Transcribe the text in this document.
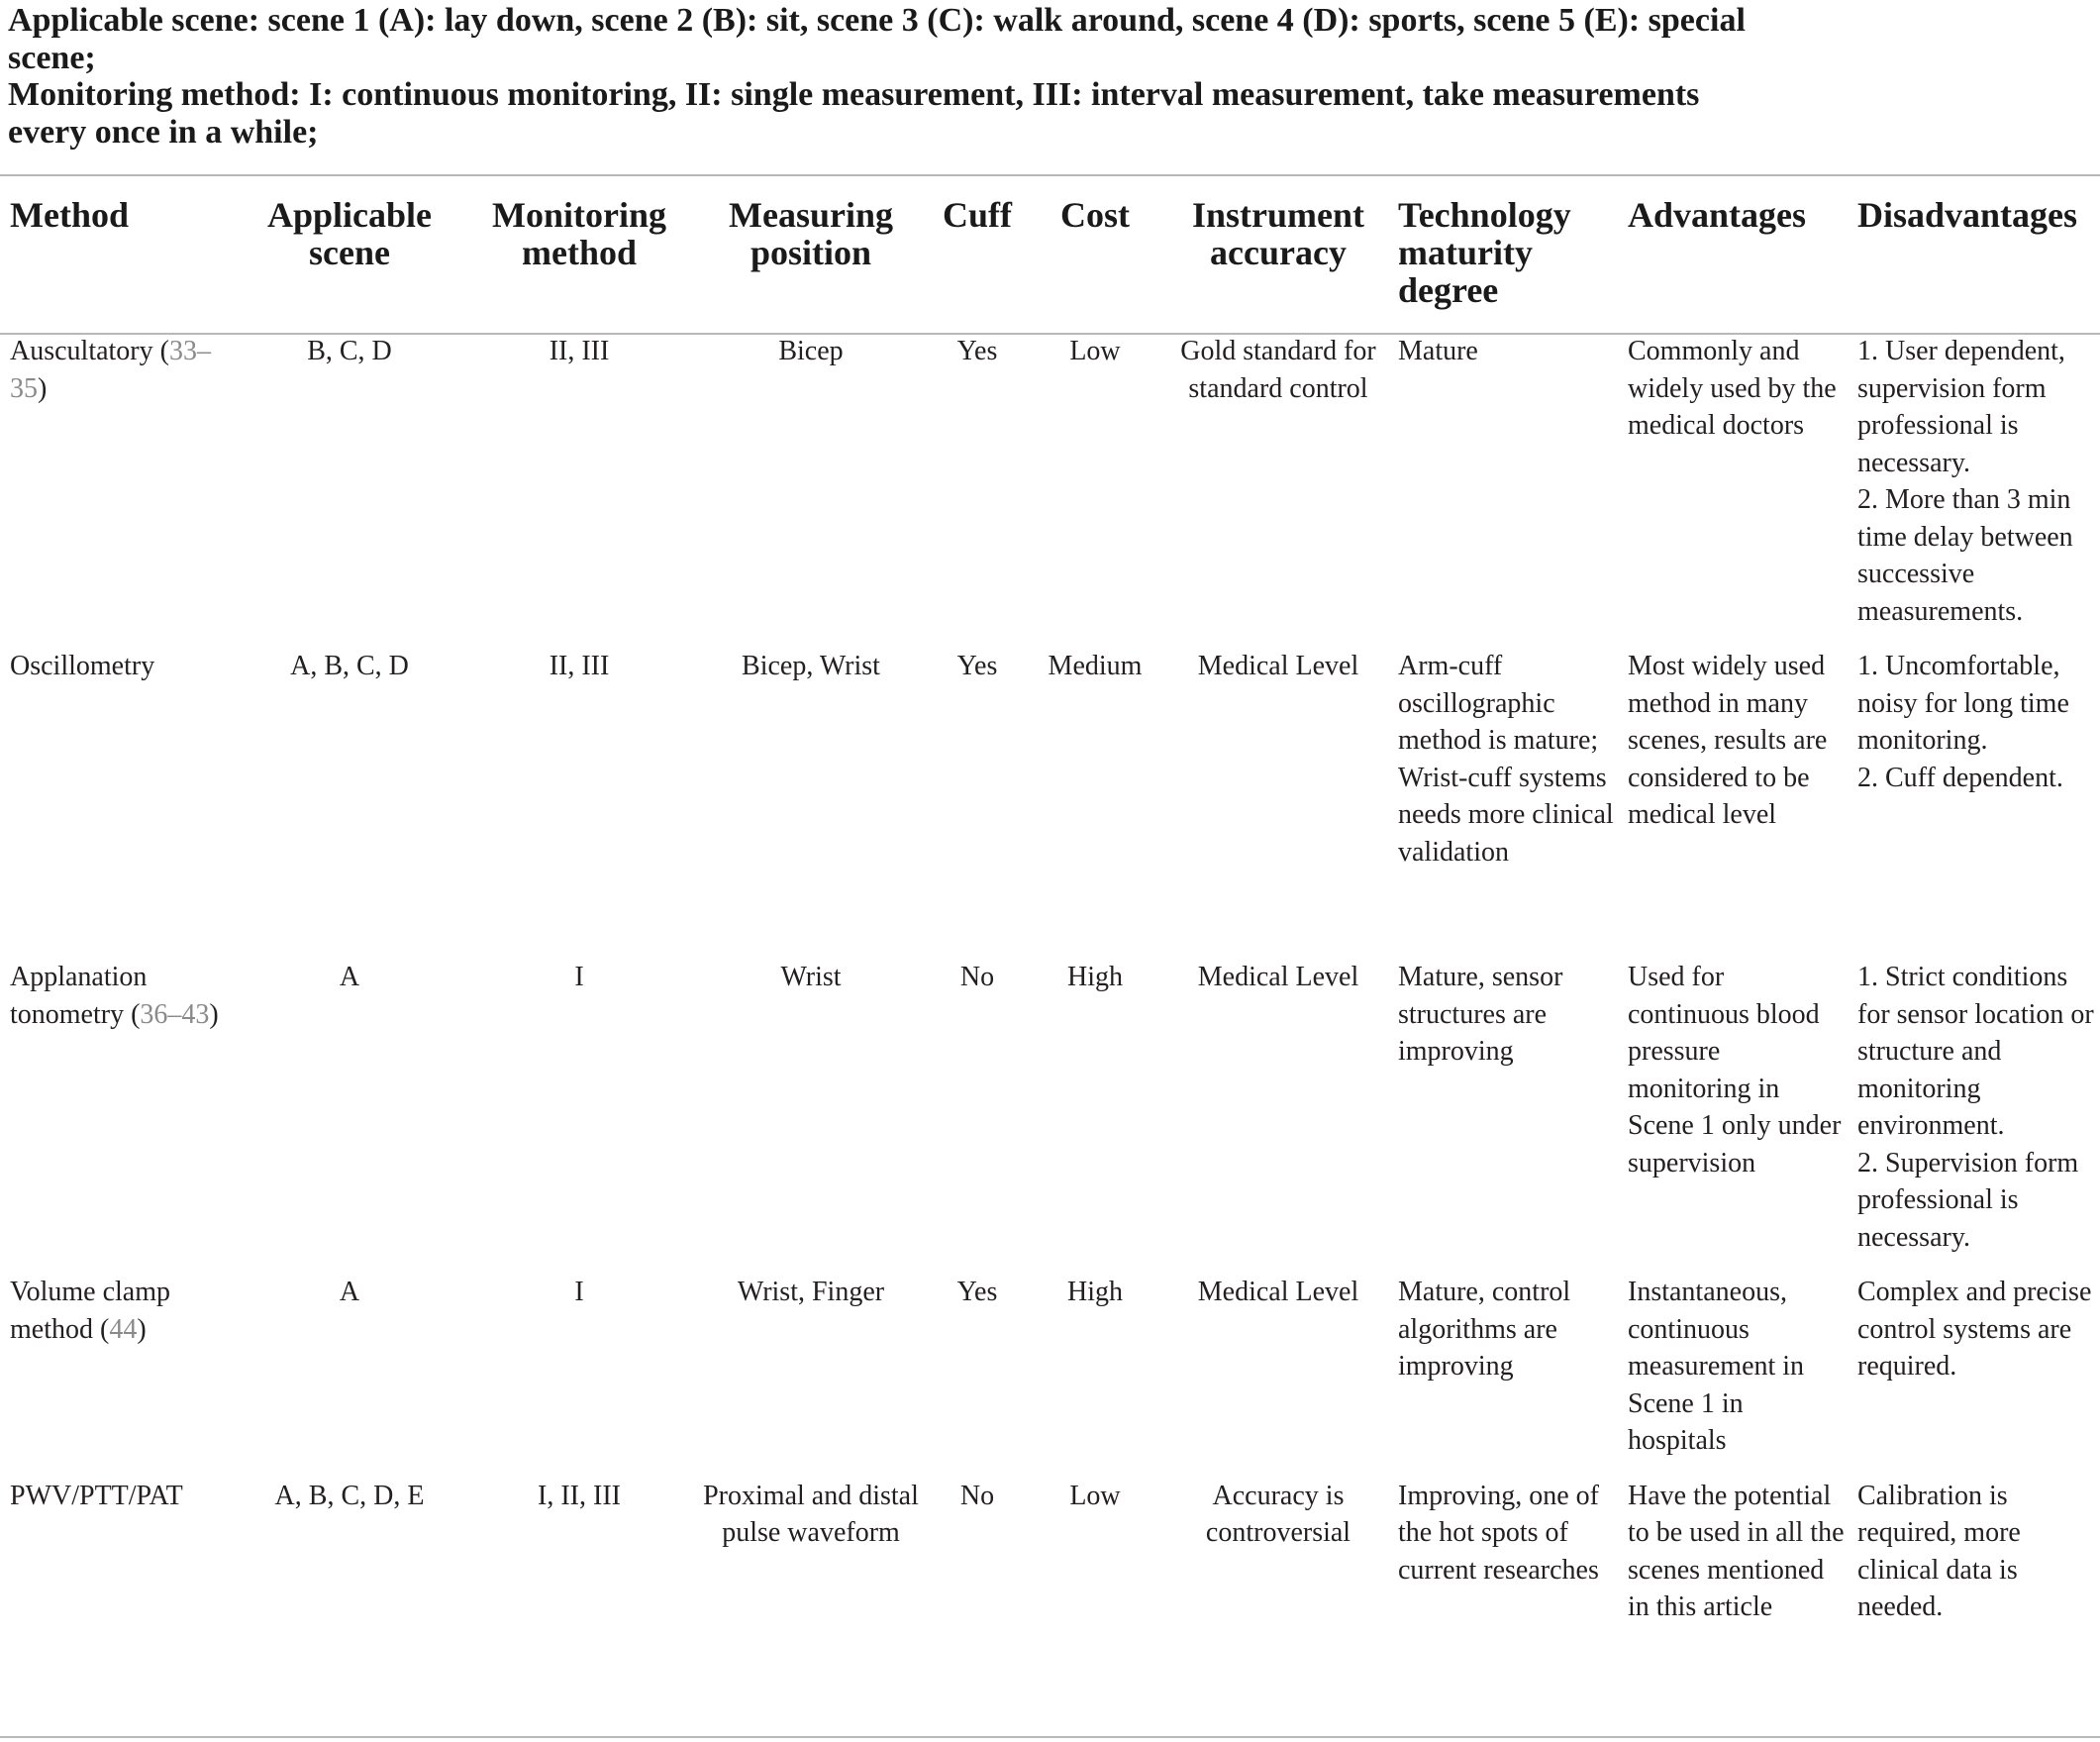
Applicable scene: scene 1 (A): lay down, scene 2 (B): sit, scene 3 (C): walk around, scene 4 (D): sports, scene 5 (E): special scene;
Monitoring method: I: continuous monitoring, II: single measurement, III: interval measurement, take measurements every once in a while;
Method	Applicable scene	Monitoring method	Measuring position	Cuff	Cost	Instrument accuracy	Technology maturity degree	Advantages	Disadvantages
Auscultatory (33–35)	B, C, D	II, III	Bicep	Yes	Low	Gold standard for standard control	Mature	Commonly and widely used by the medical doctors	1. User dependent, supervision form professional is necessary.
2. More than 3 min time delay between successive measurements.

Oscillometry	A, B, C, D	II, III	Bicep, Wrist	Yes	Medium	Medical Level	Arm-cuff oscillographic method is mature; Wrist-cuff systems needs more clinical validation	Most widely used method in many scenes, results are considered to be medical level	1. Uncomfortable, noisy for long time monitoring.
2. Cuff dependent.

Applanation tonometry (36–43)	A	I	Wrist	No	High	Medical Level	Mature, sensor structures are improving	Used for continuous blood pressure monitoring in Scene 1 only under supervision	1. Strict conditions for sensor location or structure and monitoring environment.
2. Supervision form professional is necessary.

Volume clamp method (44)	A	I	Wrist, Finger	Yes	High	Medical Level	Mature, control algorithms are improving	Instantaneous, continuous measurement in Scene 1 in hospitals	Complex and precise control systems are required.

PWV/PTT/PAT	A, B, C, D, E	I, II, III	Proximal and distal pulse waveform	No	Low	Accuracy is controversial	Improving, one of the hot spots of current researches	Have the potential to be used in all the scenes mentioned in this article	Calibration is required, more clinical data is needed.
